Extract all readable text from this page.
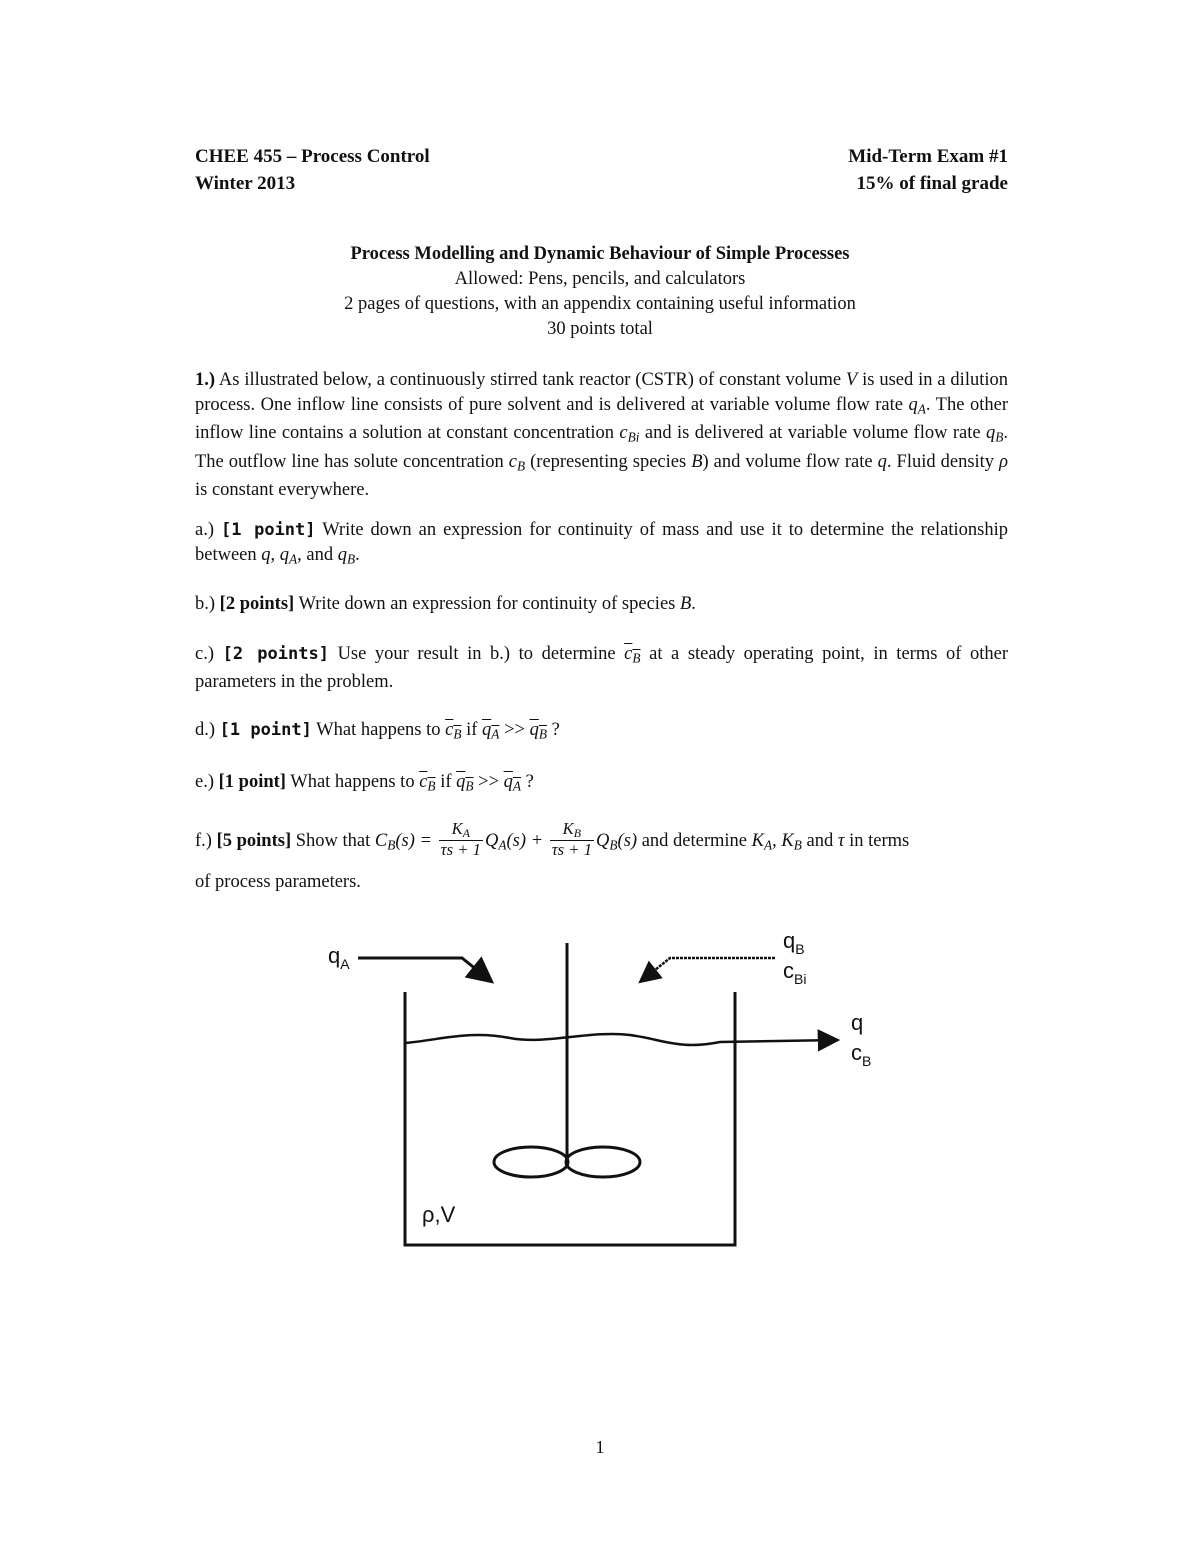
CHEE 455 – Process Control
Winter 2013
Mid-Term Exam #1
15% of final grade
Process Modelling and Dynamic Behaviour of Simple Processes
Allowed: Pens, pencils, and calculators
2 pages of questions, with an appendix containing useful information
30 points total
1.) As illustrated below, a continuously stirred tank reactor (CSTR) of constant volume V is used in a dilution process. One inflow line consists of pure solvent and is delivered at variable volume flow rate $q_A$. The other inflow line contains a solution at constant concentration $c_{Bi}$ and is delivered at variable volume flow rate $q_B$. The outflow line has solute concentration $c_B$ (representing species B) and volume flow rate q. Fluid density ρ is constant everywhere.
a.) [1 point] Write down an expression for continuity of mass and use it to determine the relationship between q, $q_A$, and $q_B$.
b.) [2 points] Write down an expression for continuity of species B.
c.) [2 points] Use your result in b.) to determine $c_B$ at a steady operating point, in terms of other parameters in the problem.
d.) [1 point] What happens to $c_B$ if $q_A >> q_B$ ?
e.) [1 point] What happens to $c_B$ if $q_B >> q_A$ ?
f.) [5 points] Show that $C_B(s) = \frac{K_A}{\tau s + 1} Q_A(s) + \frac{K_B}{\tau s + 1} Q_B(s)$ and determine $K_A$, $K_B$ and τ in terms
of process parameters.
$q_A$
$q_B$
$c_{Bi}$
q
$c_B$
ρ,V
1
